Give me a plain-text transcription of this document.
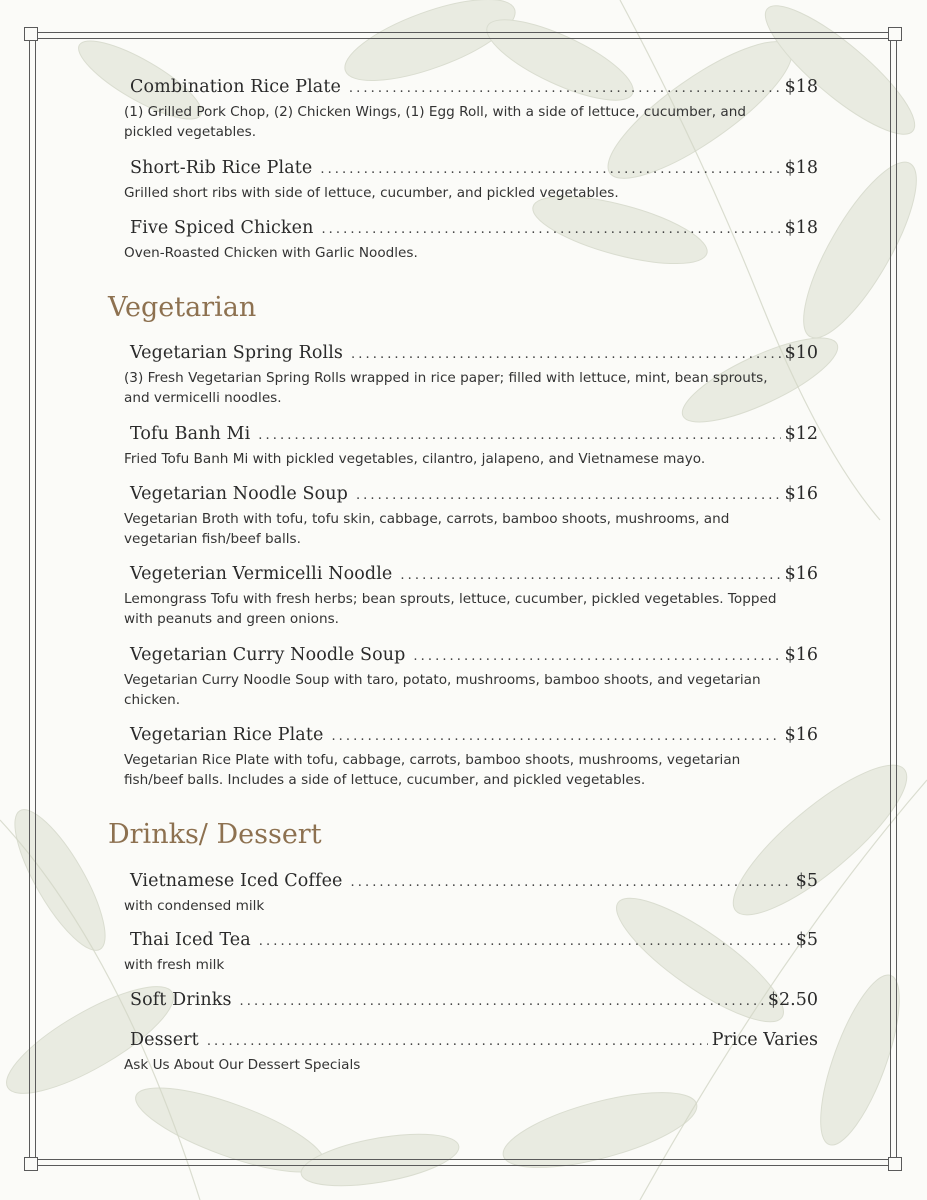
Combination Rice Plate .....	$18
(1) Grilled Pork Chop, (2) Chicken Wings, (1) Egg Roll, with a side of lettuce, cucumber, and pickled vegetables.
Short-Rib Rice Plate .....	$18
Grilled short ribs with side of lettuce, cucumber, and pickled vegetables.
Five Spiced Chicken .....	$18
Oven-Roasted Chicken with Garlic Noodles.
Vegetarian
Vegetarian Spring Rolls .....	$10
(3) Fresh Vegetarian Spring Rolls wrapped in rice paper; filled with lettuce, mint, bean sprouts, and vermicelli noodles.
Tofu Banh Mi .....	$12
Fried Tofu Banh Mi with pickled vegetables, cilantro, jalapeno, and Vietnamese mayo.
Vegetarian Noodle Soup .....	$16
Vegetarian Broth with tofu, tofu skin, cabbage, carrots, bamboo shoots, mushrooms, and vegetarian fish/beef balls.
Vegeterian Vermicelli Noodle .....	$16
Lemongrass Tofu with fresh herbs; bean sprouts, lettuce, cucumber, pickled vegetables. Topped with peanuts and green onions.
Vegetarian Curry Noodle Soup .....	$16
Vegetarian Curry Noodle Soup with taro, potato, mushrooms, bamboo shoots, and vegetarian chicken.
Vegetarian Rice Plate .....	$16
Vegetarian Rice Plate with tofu, cabbage, carrots, bamboo shoots, mushrooms, vegetarian fish/beef balls. Includes a side of lettuce, cucumber, and pickled vegetables.
Drinks/ Dessert
Vietnamese Iced Coffee .....	$5
with condensed milk
Thai Iced Tea .....	$5
with fresh milk
Soft Drinks .....	$2.50
Dessert .....	Price Varies
Ask Us About Our Dessert Specials
